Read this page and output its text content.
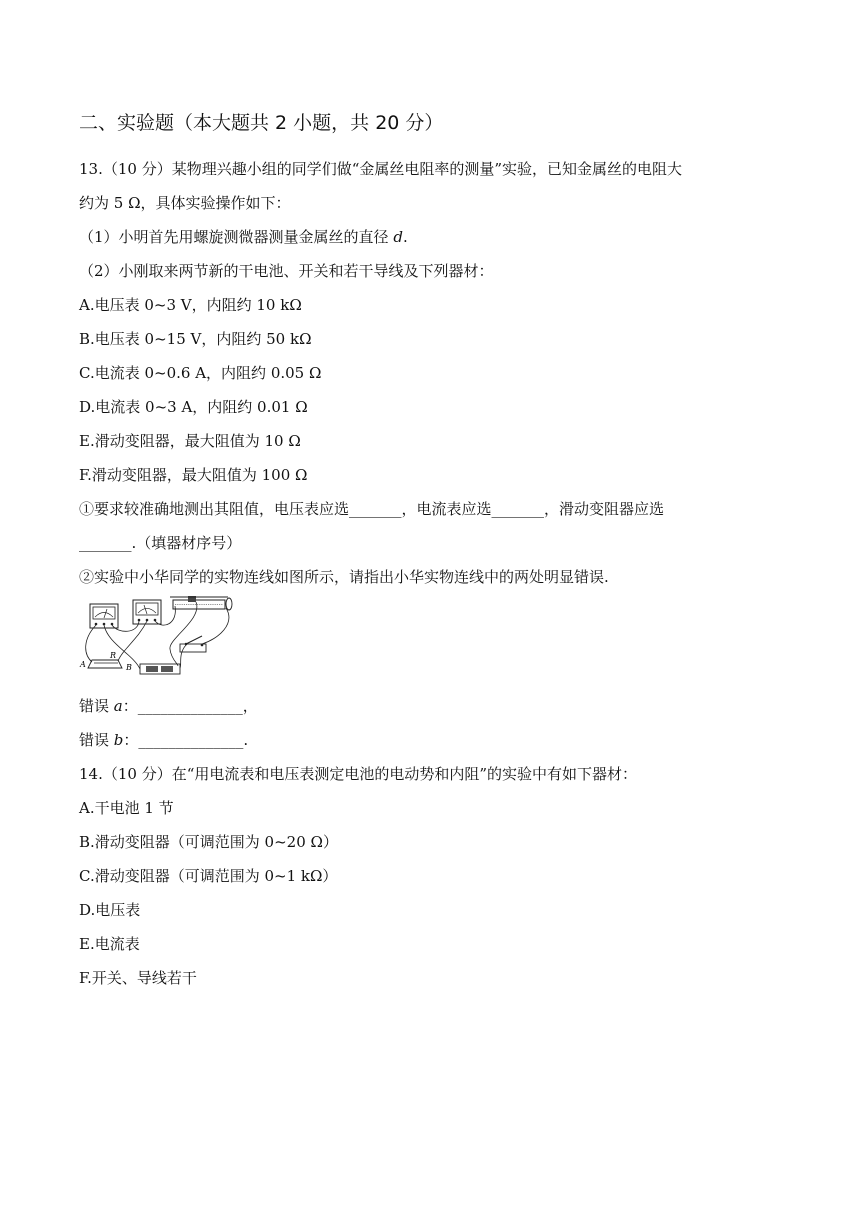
二、实验题（本大题共 2 小题，共 20 分）
13.（10 分）某物理兴趣小组的同学们做“金属丝电阻率的测量”实验，已知金属丝的电阻大
约为 5 Ω，具体实验操作如下：
（1）小明首先用螺旋测微器测量金属丝的直径 d.
（2）小刚取来两节新的干电池、开关和若干导线及下列器材：
A.电压表 0~3 V，内阻约 10 kΩ
B.电压表 0~15 V，内阻约 50 kΩ
C.电流表 0~0.6 A，内阻约 0.05 Ω
D.电流表 0~3 A，内阻约 0.01 Ω
E.滑动变阻器，最大阻值为 10 Ω
F.滑动变阻器，最大阻值为 100 Ω
①要求较准确地测出其阻值，电压表应选_______，电流表应选_______，滑动变阻器应选
_______.（填器材序号）
②实验中小华同学的实物连线如图所示，请指出小华实物连线中的两处明显错误.
R
A	B
错误 a：______________，
错误 b：______________.
14.（10 分）在“用电流表和电压表测定电池的电动势和内阻”的实验中有如下器材：
A.干电池 1 节
B.滑动变阻器（可调范围为 0~20 Ω）
C.滑动变阻器（可调范围为 0~1 kΩ）
D.电压表
E.电流表
F.开关、导线若干
